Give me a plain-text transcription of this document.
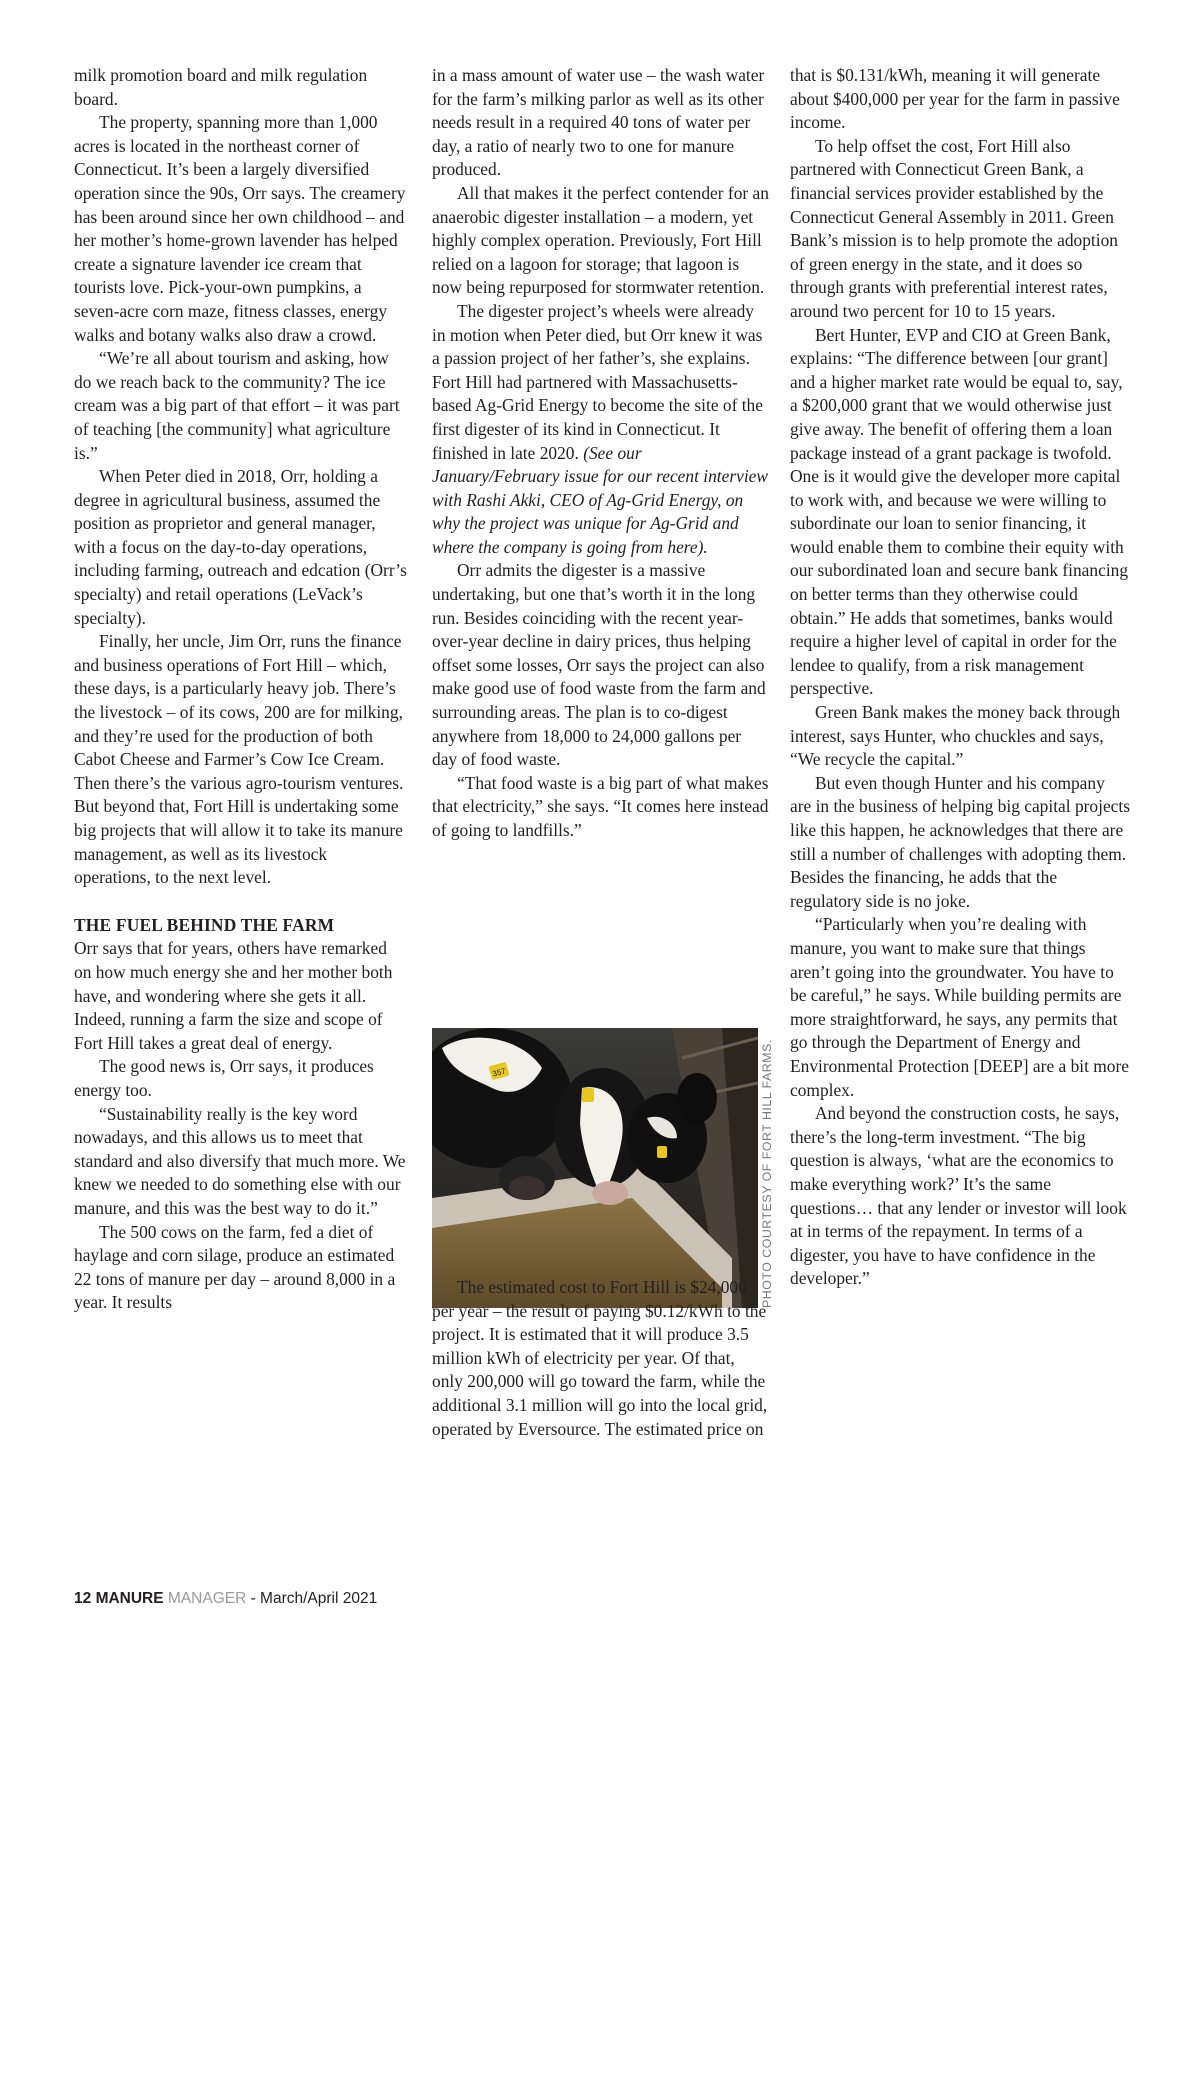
milk promotion board and milk regulation board.

The property, spanning more than 1,000 acres is located in the northeast corner of Connecticut. It’s been a largely diversified operation since the 90s, Orr says. The creamery has been around since her own childhood – and her mother’s home-grown lavender has helped create a signature lavender ice cream that tourists love. Pick-your-own pumpkins, a seven-acre corn maze, fitness classes, energy walks and botany walks also draw a crowd.

“We’re all about tourism and asking, how do we reach back to the community? The ice cream was a big part of that effort – it was part of teaching [the community] what agriculture is.”

When Peter died in 2018, Orr, holding a degree in agricultural business, assumed the position as proprietor and general manager, with a focus on the day-to-day operations, including farming, outreach and edcation (Orr’s specialty) and retail operations (LeVack’s specialty).

Finally, her uncle, Jim Orr, runs the finance and business operations of Fort Hill – which, these days, is a particularly heavy job. There’s the livestock – of its cows, 200 are for milking, and they’re used for the production of both Cabot Cheese and Farmer’s Cow Ice Cream. Then there’s the various agro-tourism ventures. But beyond that, Fort Hill is undertaking some big projects that will allow it to take its manure management, as well as its livestock operations, to the next level.

THE FUEL BEHIND THE FARM

Orr says that for years, others have remarked on how much energy she and her mother both have, and wondering where she gets it all. Indeed, running a farm the size and scope of Fort Hill takes a great deal of energy.

The good news is, Orr says, it produces energy too.

“Sustainability really is the key word nowadays, and this allows us to meet that standard and also diversify that much more. We knew we needed to do something else with our manure, and this was the best way to do it.”

The 500 cows on the farm, fed a diet of haylage and corn silage, produce an estimated 22 tons of manure per day – around 8,000 in a year. It results

in a mass amount of water use – the wash water for the farm’s milking parlor as well as its other needs result in a required 40 tons of water per day, a ratio of nearly two to one for manure produced.

All that makes it the perfect contender for an anaerobic digester installation – a modern, yet highly complex operation. Previously, Fort Hill relied on a lagoon for storage; that lagoon is now being repurposed for stormwater retention.

The digester project’s wheels were already in motion when Peter died, but Orr knew it was a passion project of her father’s, she explains. Fort Hill had partnered with Massachusetts-based Ag-Grid Energy to become the site of the first digester of its kind in Connecticut. It finished in late 2020. (See our January/February issue for our recent interview with Rashi Akki, CEO of Ag-Grid Energy, on why the project was unique for Ag-Grid and where the company is going from here).

Orr admits the digester is a massive undertaking, but one that’s worth it in the long run. Besides coinciding with the recent year-over-year decline in dairy prices, thus helping offset some losses, Orr says the project can also make good use of food waste from the farm and surrounding areas. The plan is to co-digest anywhere from 18,000 to 24,000 gallons per day of food waste.

“That food waste is a big part of what makes that electricity,” she says. “It comes here instead of going to landfills.”

357	PHOTO COURTESY OF FORT HILL FARMS.

The estimated cost to Fort Hill is $24,000 per year – the result of paying $0.12/kWh to the project. It is estimated that it will produce 3.5 million kWh of electricity per year. Of that, only 200,000 will go toward the farm, while the additional 3.1 million will go into the local grid, operated by Eversource. The estimated price on

that is $0.131/kWh, meaning it will generate about $400,000 per year for the farm in passive income.

To help offset the cost, Fort Hill also partnered with Connecticut Green Bank, a financial services provider established by the Connecticut General Assembly in 2011. Green Bank’s mission is to help promote the adoption of green energy in the state, and it does so through grants with preferential interest rates, around two percent for 10 to 15 years.

Bert Hunter, EVP and CIO at Green Bank, explains: “The difference between [our grant] and a higher market rate would be equal to, say, a $200,000 grant that we would otherwise just give away. The benefit of offering them a loan package instead of a grant package is twofold. One is it would give the developer more capital to work with, and because we were willing to subordinate our loan to senior financing, it would enable them to combine their equity with our subordinated loan and secure bank financing on better terms than they otherwise could obtain.” He adds that sometimes, banks would require a higher level of capital in order for the lendee to qualify, from a risk management perspective.

Green Bank makes the money back through interest, says Hunter, who chuckles and says, “We recycle the capital.”

But even though Hunter and his company are in the business of helping big capital projects like this happen, he acknowledges that there are still a number of challenges with adopting them. Besides the financing, he adds that the regulatory side is no joke.

“Particularly when you’re dealing with manure, you want to make sure that things aren’t going into the groundwater. You have to be careful,” he says. While building permits are more straightforward, he says, any permits that go through the Department of Energy and Environmental Protection [DEEP] are a bit more complex.

And beyond the construction costs, he says, there’s the long-term investment. “The big question is always, ‘what are the economics to make everything work?’ It’s the same questions… that any lender or investor will look at in terms of the repayment. In terms of a digester, you have to have confidence in the developer.”

12 MANURE MANAGER - March/April 2021
